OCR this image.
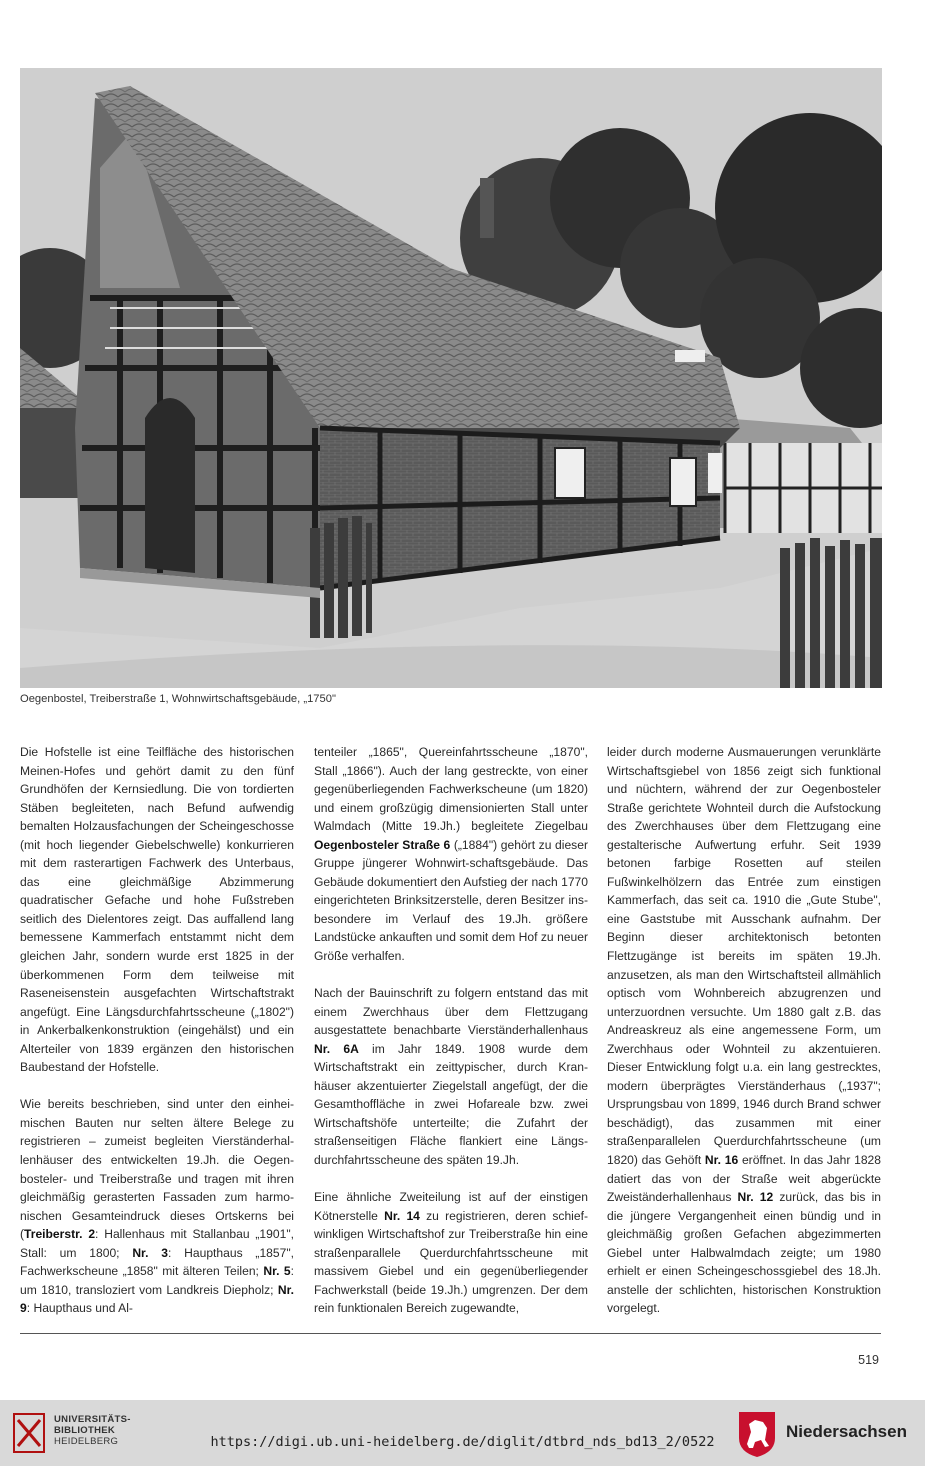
Oegenbostel, Treiberstraße 1, Wohnwirtschaftsgebäude, „1750"

Die Hofstelle ist eine Teilfläche des historischen Meinen-Hofes und gehört damit zu den fünf Grundhöfen der Kernsiedlung. Die von tordierten Stäben begleiteten, nach Befund aufwendig bemalten Holzausfachungen der Scheingeschosse (mit hoch liegender Giebelschwelle) konkurrieren mit dem rasterartigen Fachwerk des Unterbaus, das eine gleichmäßige Abzimmerung quadratischer Gefache und hohe Fußstreben seitlich des Dielentores zeigt. Das auffallend lang bemessene Kammerfach entstammt nicht dem gleichen Jahr, sondern wurde erst 1825 in der überkommenen Form dem teilweise mit Raseneisenstein ausgefachten Wirtschaftstrakt angefügt. Eine Längsdurchfahrtsscheune („1802") in Ankerbalkenkonstruktion (eingehälst) und ein Alterteiler von 1839 ergänzen den historischen Baubestand der Hofstelle.

Wie bereits beschrieben, sind unter den einheimischen Bauten nur selten ältere Belege zu registrieren – zumeist begleiten Vierständerhallenhäuser des entwickelten 19.Jh. die Oegenbosteler- und Treiberstraße und tragen mit ihren gleichmäßig gerasterten Fassaden zum harmonischen Gesamteindruck dieses Ortskerns bei (Treiberstr. 2: Hallenhaus mit Stallanbau „1901", Stall: um 1800; Nr. 3: Haupthaus „1857", Fachwerkscheune „1858" mit älteren Teilen; Nr. 5: um 1810, transloziert vom Landkreis Diepholz; Nr. 9: Haupthaus und Al-

tenteiler „1865", Quereinfahrtsscheune „1870", Stall „1866"). Auch der lang gestreckte, von einer gegenüberliegenden Fachwerkscheune (um 1820) und einem großzügig dimensionierten Stall unter Walmdach (Mitte 19.Jh.) begleitete Ziegelbau Oegenbosteler Straße 6 („1884") gehört zu dieser Gruppe jüngerer Wohnwirt-schaftsgebäude. Das Gebäude dokumentiert den Aufstieg der nach 1770 eingerichteten Brinksitzerstelle, deren Besitzer insbesondere im Verlauf des 19.Jh. größere Landstücke ankauften und somit dem Hof zu neuer Größe verhalfen.

Nach der Bauinschrift zu folgern entstand das mit einem Zwerchhaus über dem Flettzugang ausgestattete benachbarte Vierständerhallenhaus Nr. 6A im Jahr 1849. 1908 wurde dem Wirtschaftstrakt ein zeittypischer, durch Kranhäuser akzentuierter Ziegelstall angefügt, der die Gesamthoffläche in zwei Hofareale bzw. zwei Wirtschaftshöfe unterteilte; die Zufahrt der straßenseitigen Fläche flankiert eine Längsdurchfahrtsscheune des späten 19.Jh.

Eine ähnliche Zweiteilung ist auf der einstigen Kötnerstelle Nr. 14 zu registrieren, deren schiefwinkligen Wirtschaftshof zur Treiberstraße hin eine straßenparallele Querdurchfahrtsscheune mit massivem Giebel und ein gegenüberliegender Fachwerkstall (beide 19.Jh.) umgrenzen. Der dem rein funktionalen Bereich zugewandte,

leider durch moderne Ausmauerungen verunklärte Wirtschaftsgiebel von 1856 zeigt sich funktional und nüchtern, während der zur Oegenbosteler Straße gerichtete Wohnteil durch die Aufstockung des Zwerchhauses über dem Flettzugang eine gestalterische Aufwertung erfuhr. Seit 1939 betonen farbige Rosetten auf steilen Fußwinkelhölzern das Entrée zum einstigen Kammerfach, das seit ca. 1910 die „Gute Stube", eine Gaststube mit Ausschank aufnahm. Der Beginn dieser architektonisch betonten Flettzugänge ist bereits im späten 19.Jh. anzusetzen, als man den Wirtschaftsteil allmählich optisch vom Wohnbereich abzugrenzen und unterzuordnen versuchte. Um 1880 galt z.B. das Andreaskreuz als eine angemessene Form, um Zwerchhaus oder Wohnteil zu akzentuieren. Dieser Entwicklung folgt u.a. ein lang gestrecktes, modern überprägtes Vierständerhaus („1937"; Ursprungsbau von 1899, 1946 durch Brand schwer beschädigt), das zusammen mit einer straßenparallelen Querdurchfahrtsscheune (um 1820) das Gehöft Nr. 16 eröffnet. In das Jahr 1828 datiert das von der Straße weit abgerückte Zweiständerhallenhaus Nr. 12 zurück, das bis in die jüngere Vergangenheit einen bündig und in gleichmäßig großen Gefachen abgezimmerten Giebel unter Halbwalmdach zeigte; um 1980 erhielt er einen Scheingeschossgiebel des 18.Jh. anstelle der schlichten, historischen Konstruktion vorgelegt.

519
UNIVERSITÄTS-
BIBLIOTHEK
HEIDELBERG	https://digi.ub.uni-heidelberg.de/diglit/dtbrd_nds_bd13_2/0522
Niedersachsen
